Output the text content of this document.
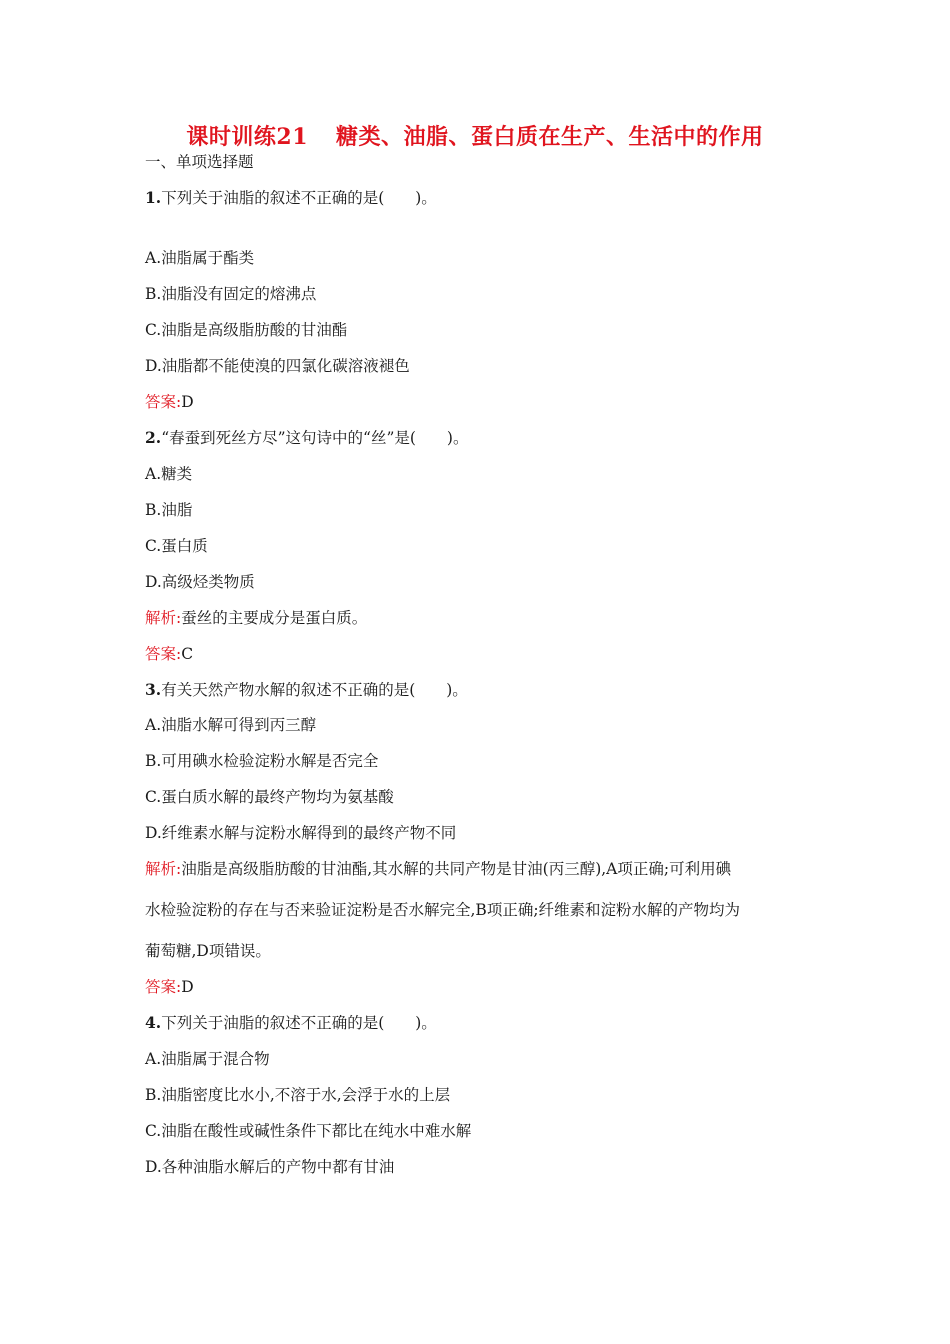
课时训练21 糖类、油脂、蛋白质在生产、生活中的作用
一、单项选择题
1.下列关于油脂的叙述不正确的是(　　)。
A.油脂属于酯类
B.油脂没有固定的熔沸点
C.油脂是高级脂肪酸的甘油酯
D.油脂都不能使溴的四氯化碳溶液褪色
答案:D
2.“春蚕到死丝方尽”这句诗中的“丝”是(　　)。
A.糖类
B.油脂
C.蛋白质
D.高级烃类物质
解析:蚕丝的主要成分是蛋白质。
答案:C
3.有关天然产物水解的叙述不正确的是(　　)。
A.油脂水解可得到丙三醇
B.可用碘水检验淀粉水解是否完全
C.蛋白质水解的最终产物均为氨基酸
D.纤维素水解与淀粉水解得到的最终产物不同
解析:油脂是高级脂肪酸的甘油酯,其水解的共同产物是甘油(丙三醇),A项正确;可利用碘
水检验淀粉的存在与否来验证淀粉是否水解完全,B项正确;纤维素和淀粉水解的产物均为
葡萄糖,D项错误。
答案:D
4.下列关于油脂的叙述不正确的是(　　)。
A.油脂属于混合物
B.油脂密度比水小,不溶于水,会浮于水的上层
C.油脂在酸性或碱性条件下都比在纯水中难水解
D.各种油脂水解后的产物中都有甘油
